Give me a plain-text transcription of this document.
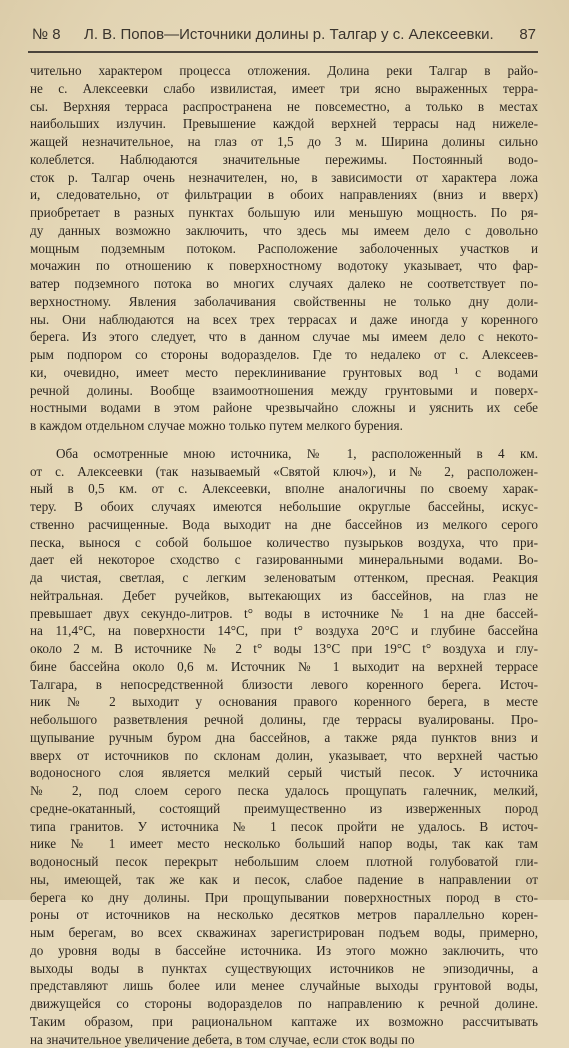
№ 8 Л. В. Попов—Источники долины р. Талгар у с. Алексеевки. 87
чительно характером процесса отложения. Долина реки Талгар в райо-
не с. Алексеевки слабо извилистая, имеет три ясно выраженных терра-
сы. Верхняя терраса распространена не повсеместно, а только в местах
наибольших излучин. Превышение каждой верхней террасы над нижеле-
жащей незначительное, на глаз от 1,5 до 3 м. Ширина долины сильно
колеблется. Наблюдаются значительные пережимы. Постоянный водо-
сток р. Талгар очень незначителен, но, в зависимости от характера ложа
и, следовательно, от фильтрации в обоих направлениях (вниз и вверх)
приобретает в разных пунктах большую или меньшую мощность. По ря-
ду данных возможно заключить, что здесь мы имеем дело с довольно
мощным подземным потоком. Расположение заболоченных участков и
мочажин по отношению к поверхностному водотоку указывает, что фар-
ватер подземного потока во многих случаях далеко не соответствует по-
верхностному. Явления заболачивания свойственны не только дну доли-
ны. Они наблюдаются на всех трех террасах и даже иногда у коренного
берега. Из этого следует, что в данном случае мы имеем дело с некото-
рым подпором со стороны водоразделов. Где то недалеко от с. Алексеев-
ки, очевидно, имеет место переклинивание грунтовых вод ¹ с водами
речной долины. Вообще взаимоотношения между грунтовыми и поверх-
ностными водами в этом районе чрезвычайно сложны и уяснить их себе
в каждом отдельном случае можно только путем мелкого бурения.
Оба осмотренные мною источника, № 1, расположенный в 4 км.
от с. Алексеевки (так называемый «Святой ключ»), и № 2, расположен-
ный в 0,5 км. от с. Алексеевки, вполне аналогичны по своему харак-
теру. В обоих случаях имеются небольшие округлые бассейны, искус-
ственно расчищенные. Вода выходит на дне бассейнов из мелкого серого
песка, вынося с собой большое количество пузырьков воздуха, что при-
дает ей некоторое сходство с газированными минеральными водами. Во-
да чистая, светлая, с легким зеленоватым оттенком, пресная. Реакция
нейтральная. Дебет ручейков, вытекающих из бассейнов, на глаз не
превышает двух секундо-литров. t° воды в источнике № 1 на дне бассей-
на 11,4°С, на поверхности 14°С, при t° воздуха 20°С и глубине бассейна
около 2 м. В источнике № 2 t° воды 13°С при 19°С t° воздуха и глу-
бине бассейна около 0,6 м. Источник № 1 выходит на верхней террасе
Талгара, в непосредственной близости левого коренного берега. Источ-
ник № 2 выходит у основания правого коренного берега, в месте
небольшого разветвления речной долины, где террасы вуалированы. Про-
щупывание ручным буром дна бассейнов, а также ряда пунктов вниз и
вверх от источников по склонам долин, указывает, что верхней частью
водоносного слоя является мелкий серый чистый песок. У источника
№ 2, под слоем серого песка удалось прощупать галечник, мелкий,
средне-окатанный, состоящий преимущественно из изверженных пород
типа гранитов. У источника № 1 песок пройти не удалось. В источ-
нике № 1 имеет место несколько больший напор воды, так как там
водоносный песок перекрыт небольшим слоем плотной голубоватой гли-
ны, имеющей, так же как и песок, слабое падение в направлении от
берега ко дну долины. При прощупывании поверхностных пород в сто-
роны от источников на несколько десятков метров параллельно корен-
ным берегам, во всех скважинах зарегистрирован подъем воды, примерно,
до уровня воды в бассейне источника. Из этого можно заключить, что
выходы воды в пунктах существующих источников не эпизодичны, а
представляют лишь более или менее случайные выходы грунтовой воды,
движущейся со стороны водоразделов по направлению к речной долине.
Таким образом, при рациональном каптаже их возможно рассчитывать
на значительное увеличение дебета, в том случае, если сток воды по
